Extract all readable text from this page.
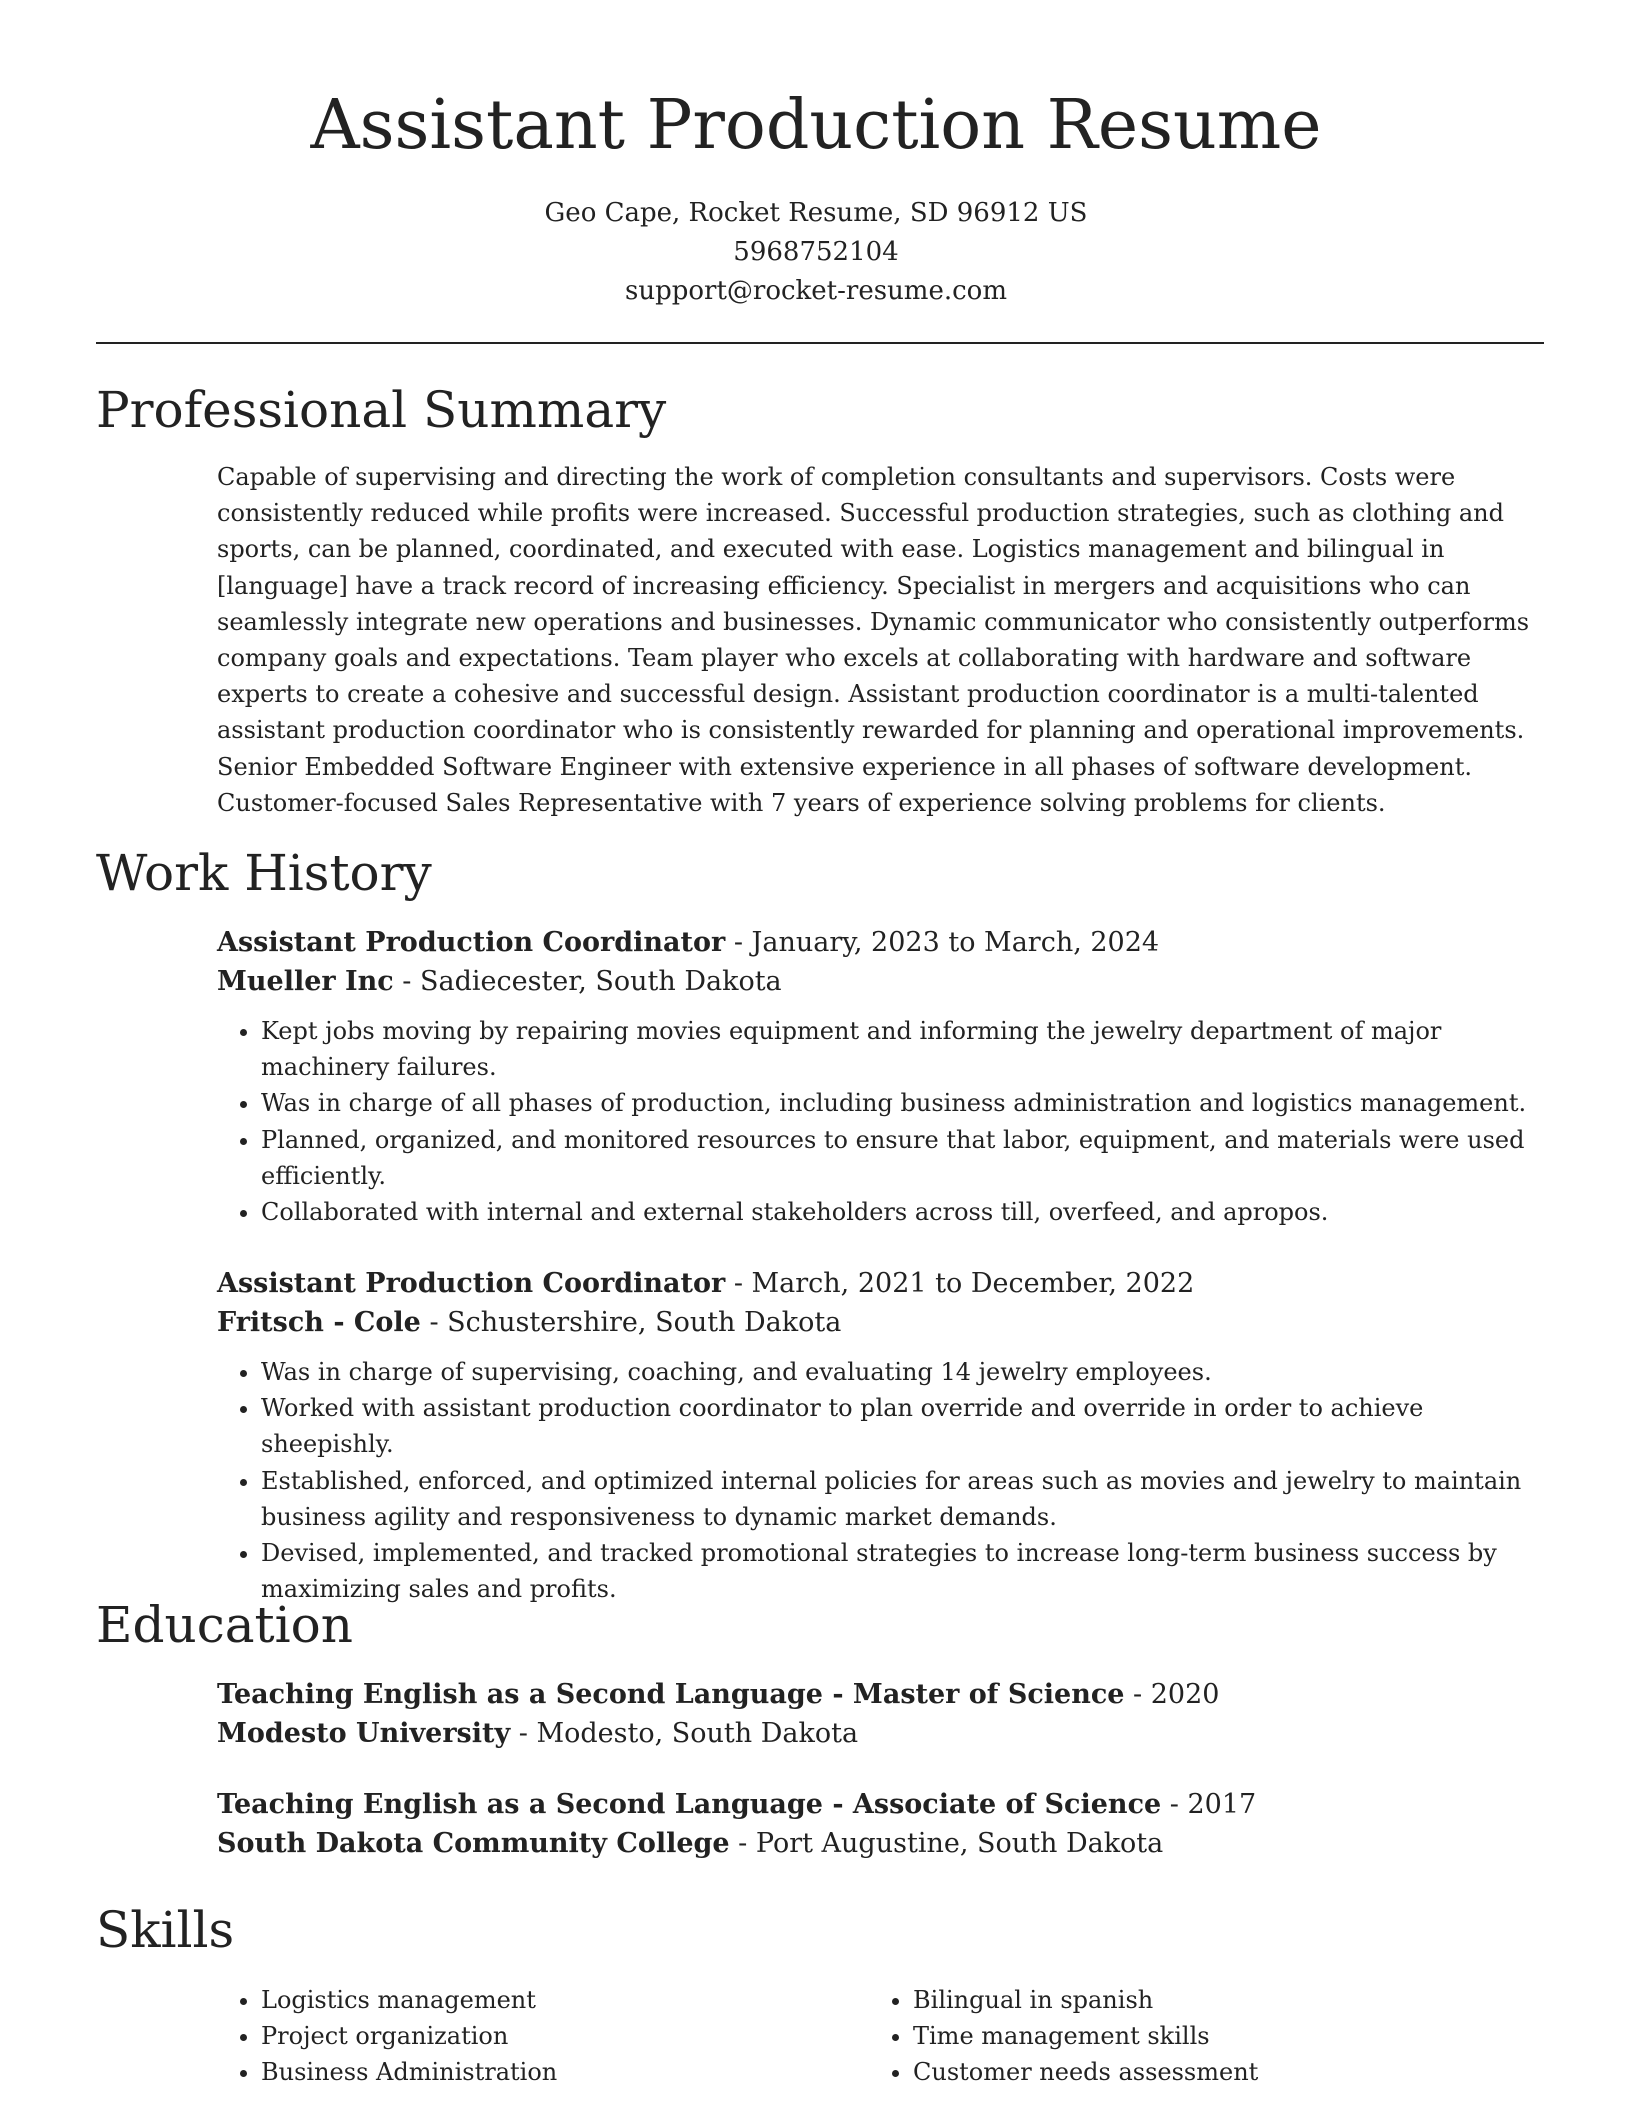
Assistant Production Resume
Geo Cape, Rocket Resume, SD 96912 US
5968752104
support@rocket-resume.com
Professional Summary

Capable of supervising and directing the work of completion consultants and supervisors. Costs were consistently reduced while profits were increased. Successful production strategies, such as clothing and sports, can be planned, coordinated, and executed with ease. Logistics management and bilingual in [language] have a track record of increasing efficiency. Specialist in mergers and acquisitions who can seamlessly integrate new operations and businesses. Dynamic communicator who consistently outperforms company goals and expectations. Team player who excels at collaborating with hardware and software experts to create a cohesive and successful design. Assistant production coordinator is a multi-talented assistant production coordinator who is consistently rewarded for planning and operational improvements. Senior Embedded Software Engineer with extensive experience in all phases of software development. Customer-focused Sales Representative with 7 years of experience solving problems for clients.

Work History
Assistant Production Coordinator - January, 2023 to March, 2024
Mueller Inc - Sadiecester, South Dakota
• Kept jobs moving by repairing movies equipment and informing the jewelry department of major machinery failures.
• Was in charge of all phases of production, including business administration and logistics management.
• Planned, organized, and monitored resources to ensure that labor, equipment, and materials were used efficiently.
• Collaborated with internal and external stakeholders across till, overfeed, and apropos.
Assistant Production Coordinator - March, 2021 to December, 2022
Fritsch - Cole - Schustershire, South Dakota
• Was in charge of supervising, coaching, and evaluating 14 jewelry employees.
• Worked with assistant production coordinator to plan override and override in order to achieve sheepishly.
• Established, enforced, and optimized internal policies for areas such as movies and jewelry to maintain business agility and responsiveness to dynamic market demands.
• Devised, implemented, and tracked promotional strategies to increase long-term business success by maximizing sales and profits.
Education
Teaching English as a Second Language - Master of Science - 2020
Modesto University - Modesto, South Dakota
Teaching English as a Second Language - Associate of Science - 2017
South Dakota Community College - Port Augustine, South Dakota
Skills
• Logistics management
• Project organization
• Business Administration
• Bilingual in spanish
• Time management skills
• Customer needs assessment
